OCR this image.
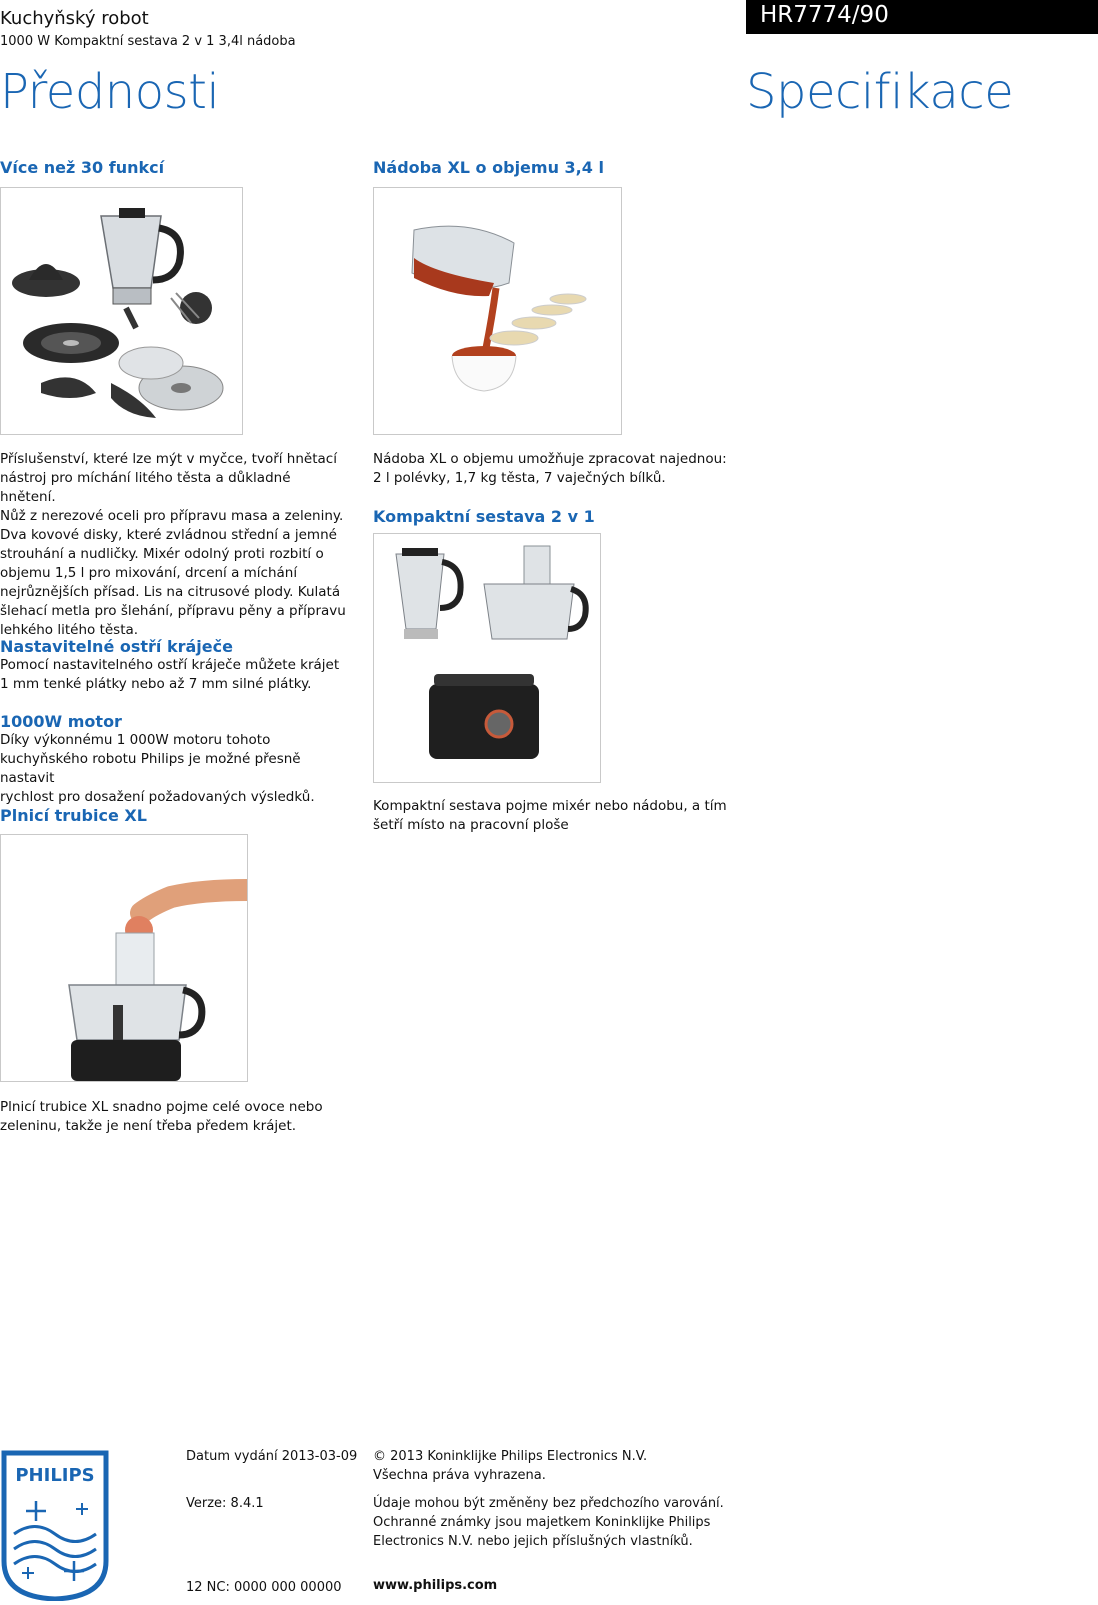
Kuchyňský robot
1000 W Kompaktní sestava 2 v 1 3,4l nádoba
HR7774/90
Přednosti	Specifikace
Více než 30 funkcí
Příslušenství, které lze mýt v myčce, tvoří hnětací
nástroj pro míchání litého těsta a důkladné hnětení.
Nůž z nerezové oceli pro přípravu masa a zeleniny.
Dva kovové disky, které zvládnou střední a jemné
strouhání a nudličky. Mixér odolný proti rozbití o
objemu 1,5 l pro mixování, drcení a míchání
nejrůznějších přísad. Lis na citrusové plody. Kulatá
šlehací metla pro šlehání, přípravu pěny a přípravu
lehkého litého těsta.
Nastavitelné ostří kráječe
Pomocí nastavitelného ostří kráječe můžete krájet
1 mm tenké plátky nebo až 7 mm silné plátky.
1000W motor
Díky výkonnému 1 000W motoru tohoto
kuchyňského robotu Philips je možné přesně nastavit
rychlost pro dosažení požadovaných výsledků.
Plnicí trubice XL
Plnicí trubice XL snadno pojme celé ovoce nebo
zeleninu, takže je není třeba předem krájet.
Nádoba XL o objemu 3,4 l
Nádoba XL o objemu umožňuje zpracovat najednou:
2 l polévky, 1,7 kg těsta, 7 vaječných bílků.
Kompaktní sestava 2 v 1
Kompaktní sestava pojme mixér nebo nádobu, a tím
šetří místo na pracovní ploše
PHILIPS
Datum vydání 2013-03-09
Verze: 8.4.1
12 NC: 0000 000 00000
© 2013 Koninklijke Philips Electronics N.V.
Všechna práva vyhrazena.
Údaje mohou být změněny bez předchozího varování.
Ochranné známky jsou majetkem Koninklijke Philips
Electronics N.V. nebo jejich příslušných vlastníků.
www.philips.com
